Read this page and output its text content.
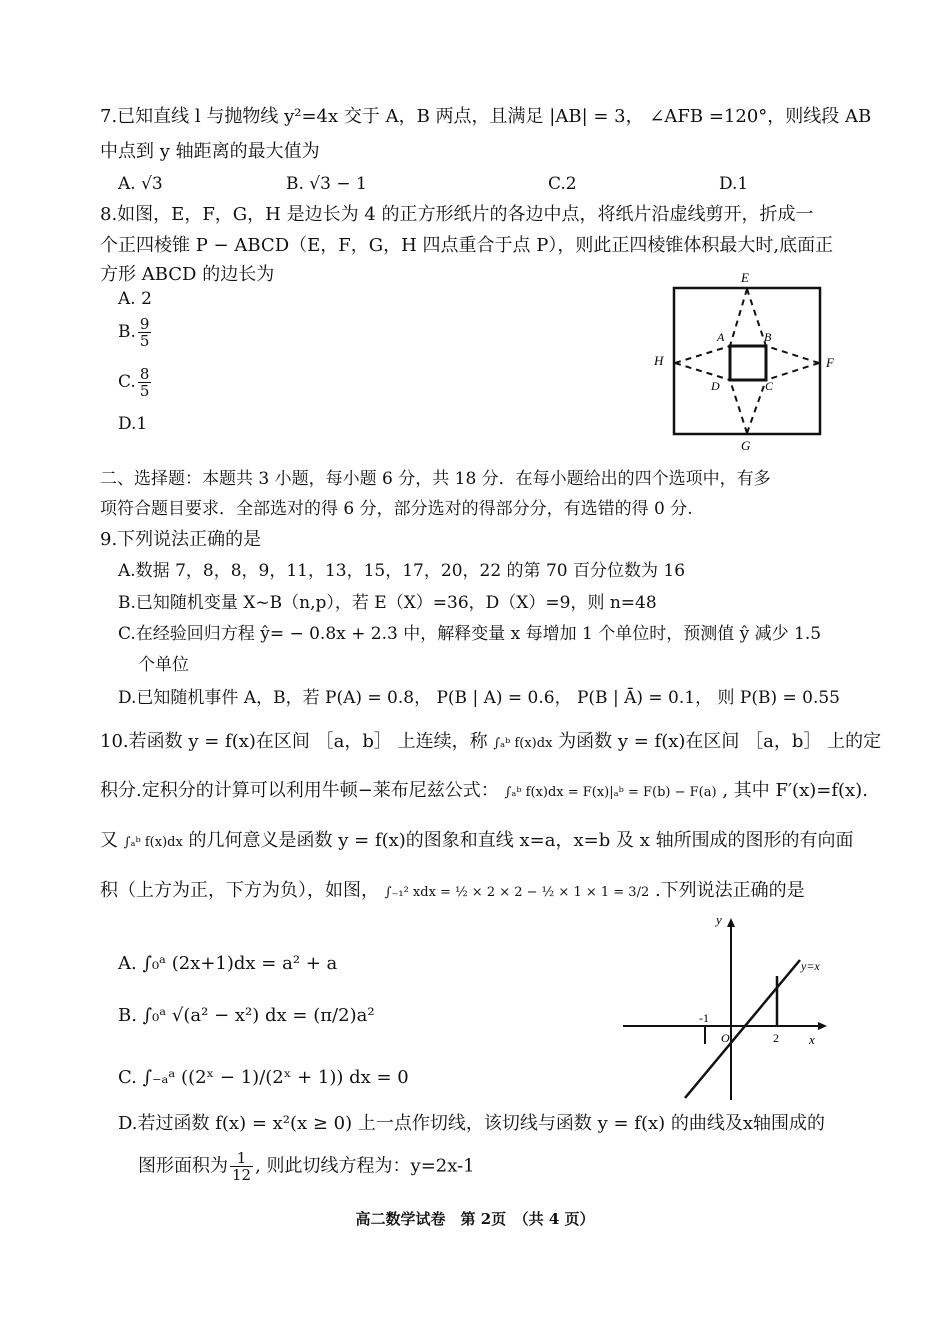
7.已知直线 l 与抛物线 y²=4x 交于 A，B 两点，且满足 |AB| = 3， ∠AFB =120°，则线段 AB
中点到 y 轴距离的最大值为
A. √3	B. √3 − 1	C.2	D.1
8.如图，E，F，G，H 是边长为 4 的正方形纸片的各边中点，将纸片沿虚线剪开，折成一
个正四棱锥 P − ABCD（E，F，G，H 四点重合于点 P），则此正四棱锥体积最大时,底面正
方形 ABCD 的边长为
A. 2
B. $\frac{9}{5}$
C. $\frac{8}{5}$
D.1
E
F
G
H
A	B
C
D
二、选择题：本题共 3 小题，每小题 6 分，共 18 分．在每小题给出的四个选项中，有多
项符合题目要求．全部选对的得 6 分，部分选对的得部分分，有选错的得 0 分.
9.下列说法正确的是
A.数据 7，8，8，9，11，13，15，17，20，22 的第 70 百分位数为 16
B.已知随机变量 X~B（n,p），若 E（X）=36，D（X）=9，则 n=48
C.在经验回归方程 ŷ= − 0.8x + 2.3 中，解释变量 x 每增加 1 个单位时，预测值 ŷ 减少 1.5
个单位
D.已知随机事件 A，B，若 P(A) = 0.8， P(B | A) = 0.6， P(B | Ā) = 0.1， 则 P(B) = 0.55
10.若函数 y = f(x)在区间 ［a，b］ 上连续，称 ∫ₐᵇ f(x)dx 为函数 y = f(x)在区间 ［a，b］ 上的定
积分.定积分的计算可以利用牛顿−莱布尼兹公式： ∫ₐᵇ f(x)dx = F(x)|ₐᵇ = F(b) − F(a) , 其中 F′(x)=f(x).
又 ∫ₐᵇ f(x)dx 的几何意义是函数 y = f(x)的图象和直线 x=a，x=b 及 x 轴所围成的图形的有向面
积（上方为正，下方为负），如图， ∫₋₁² xdx = ½ × 2 × 2 − ½ × 1 × 1 = 3/2 .下列说法正确的是
A. ∫₀ᵃ (2x+1)dx = a² + a
B. ∫₀ᵃ √(a² − x²) dx = (π/2)a²
C. ∫₋ₐᵃ ((2ˣ − 1)/(2ˣ + 1)) dx = 0
D.若过函数 f(x) = x²(x ≥ 0) 上一点作切线，该切线与函数 y = f(x) 的曲线及x轴围成的
图形面积为 $\frac{1}{12}$ , 则此切线方程为：y=2x-1
y
x
y=x
-1
O	2
高二数学试卷　第 2页　（共 4 页）
